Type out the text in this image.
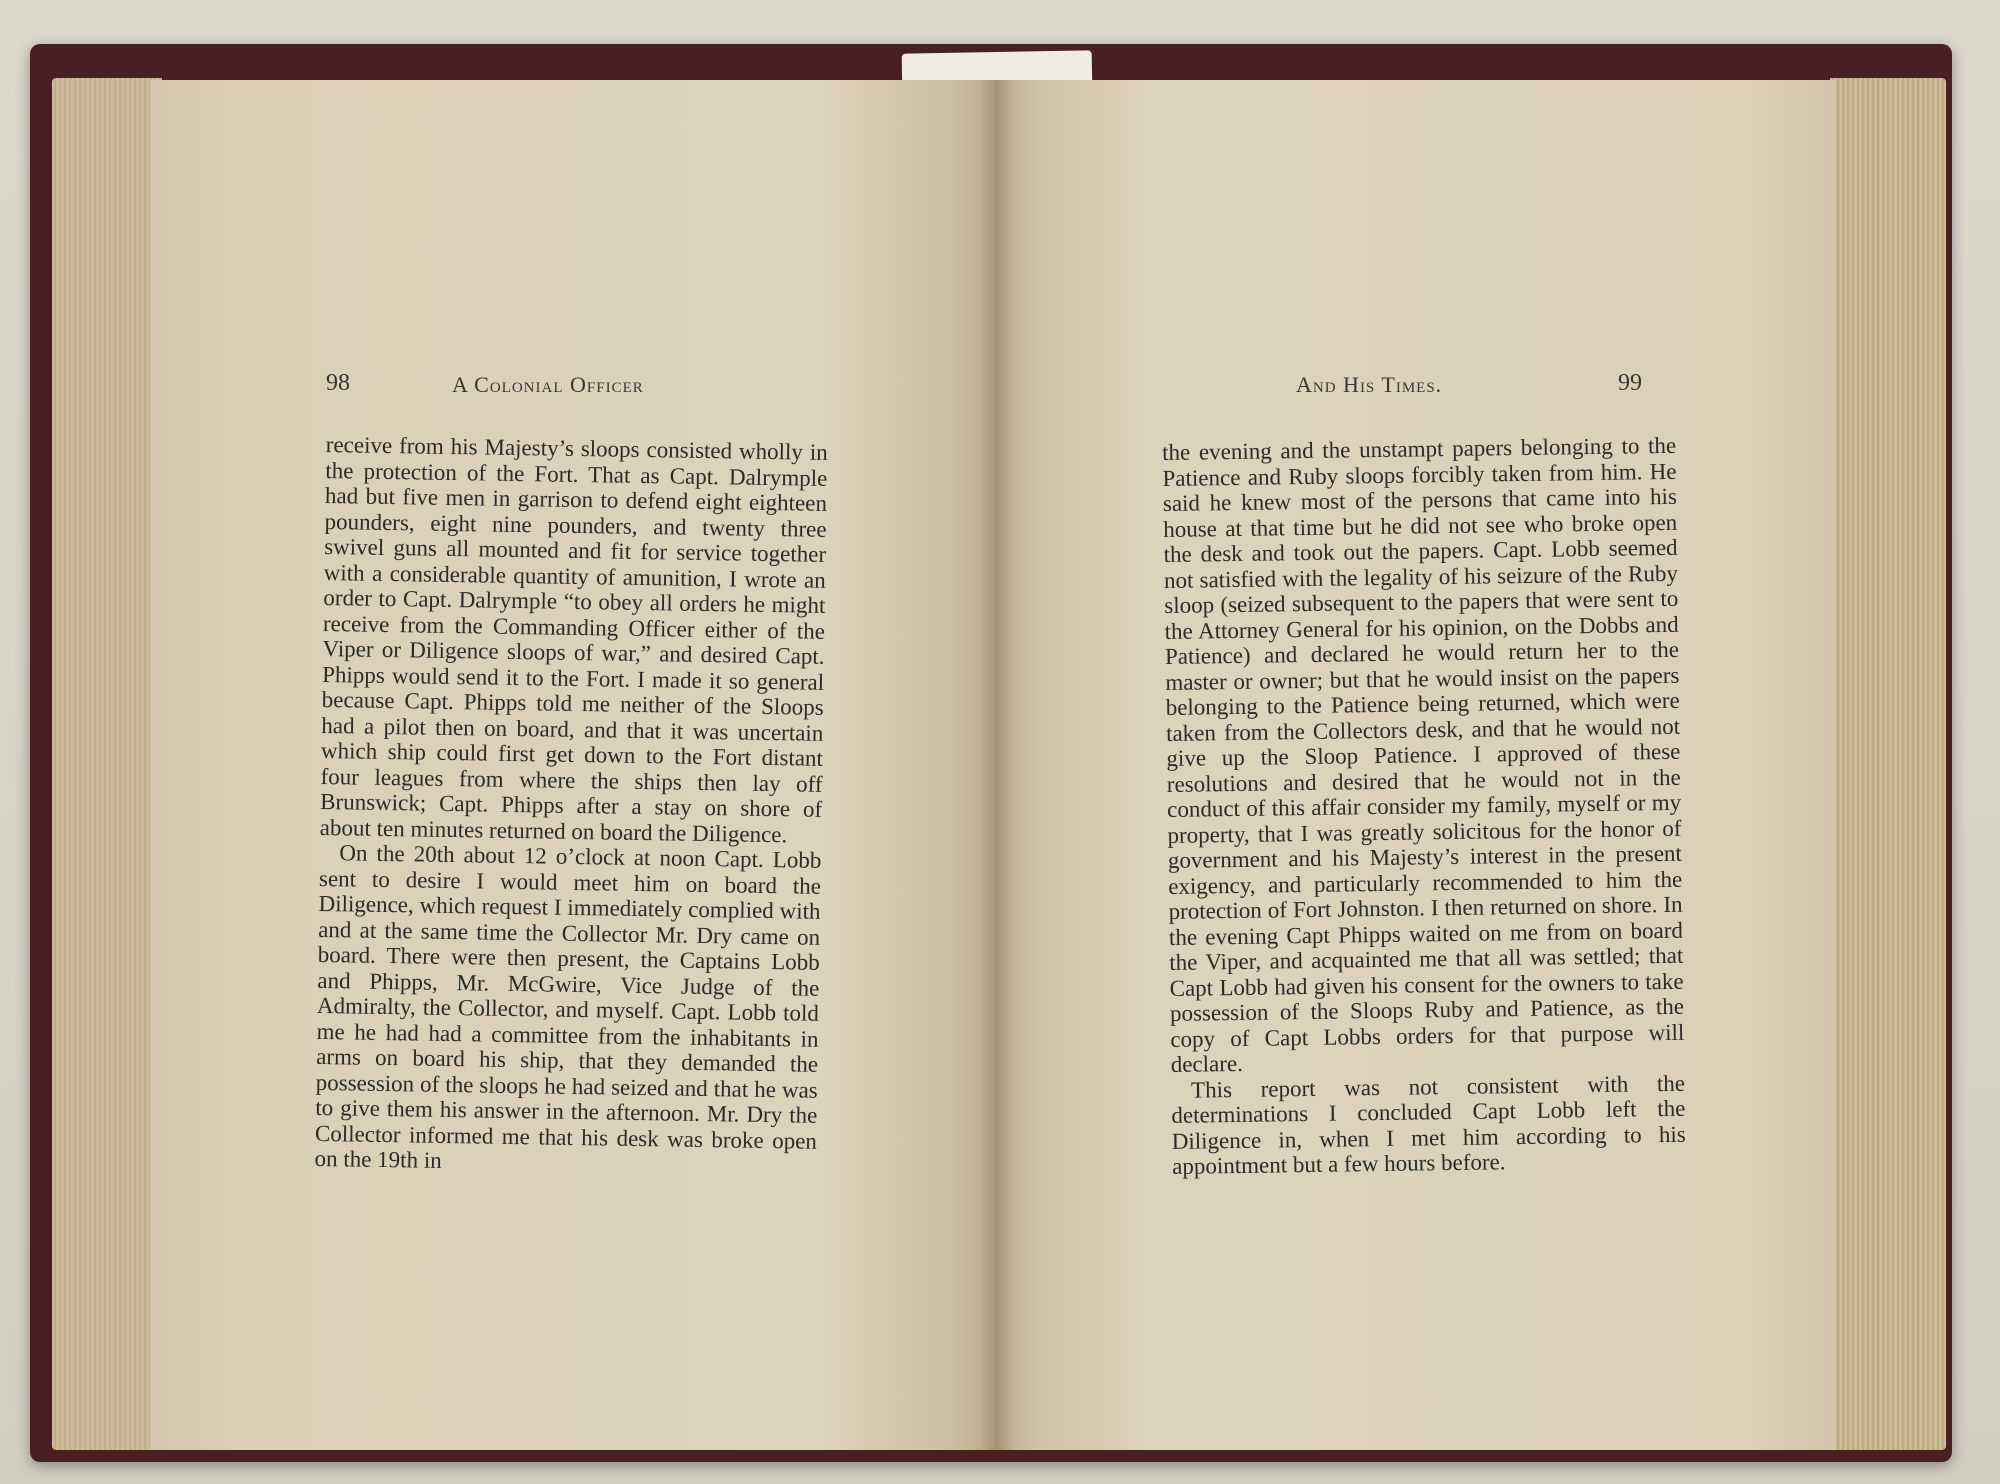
98	A Colonial Officer

receive from his Majesty’s sloops consisted wholly in the protection of the Fort. That as Capt. Dalrymple had but five men in garrison to defend eight eighteen pounders, eight nine pounders, and twenty three swivel guns all mounted and fit for service together with a considerable quantity of amunition, I wrote an order to Capt. Dalrymple “to obey all orders he might receive from the Commanding Officer either of the Viper or Diligence sloops of war,” and desired Capt. Phipps would send it to the Fort. I made it so general because Capt. Phipps told me neither of the Sloops had a pilot then on board, and that it was uncertain which ship could first get down to the Fort distant four leagues from where the ships then lay off Brunswick; Capt. Phipps after a stay on shore of about ten minutes returned on board the Diligence.

On the 20th about 12 o’clock at noon Capt. Lobb sent to desire I would meet him on board the Diligence, which request I immediately complied with and at the same time the Collector Mr. Dry came on board. There were then present, the Captains Lobb and Phipps, Mr. McGwire, Vice Judge of the Admiralty, the Collector, and myself. Capt. Lobb told me he had had a committee from the inhabitants in arms on board his ship, that they demanded the possession of the sloops he had seized and that he was to give them his answer in the afternoon. Mr. Dry the Collector informed me that his desk was broke open on the 19th in

And His Times.	99

the evening and the unstampt papers belonging to the Patience and Ruby sloops forcibly taken from him. He said he knew most of the persons that came into his house at that time but he did not see who broke open the desk and took out the papers. Capt. Lobb seemed not satisfied with the legality of his seizure of the Ruby sloop (seized subsequent to the papers that were sent to the Attorney General for his opinion, on the Dobbs and Patience) and declared he would return her to the master or owner; but that he would insist on the papers belonging to the Patience being returned, which were taken from the Collectors desk, and that he would not give up the Sloop Patience. I approved of these resolutions and desired that he would not in the conduct of this affair consider my family, myself or my property, that I was greatly solicitous for the honor of government and his Majesty’s interest in the present exigency, and particularly recommended to him the protection of Fort Johnston. I then returned on shore. In the evening Capt Phipps waited on me from on board the Viper, and acquainted me that all was settled; that Capt Lobb had given his consent for the owners to take possession of the Sloops Ruby and Patience, as the copy of Capt Lobbs orders for that purpose will declare.

This report was not consistent with the determinations I concluded Capt Lobb left the Diligence in, when I met him according to his appointment but a few hours before.
